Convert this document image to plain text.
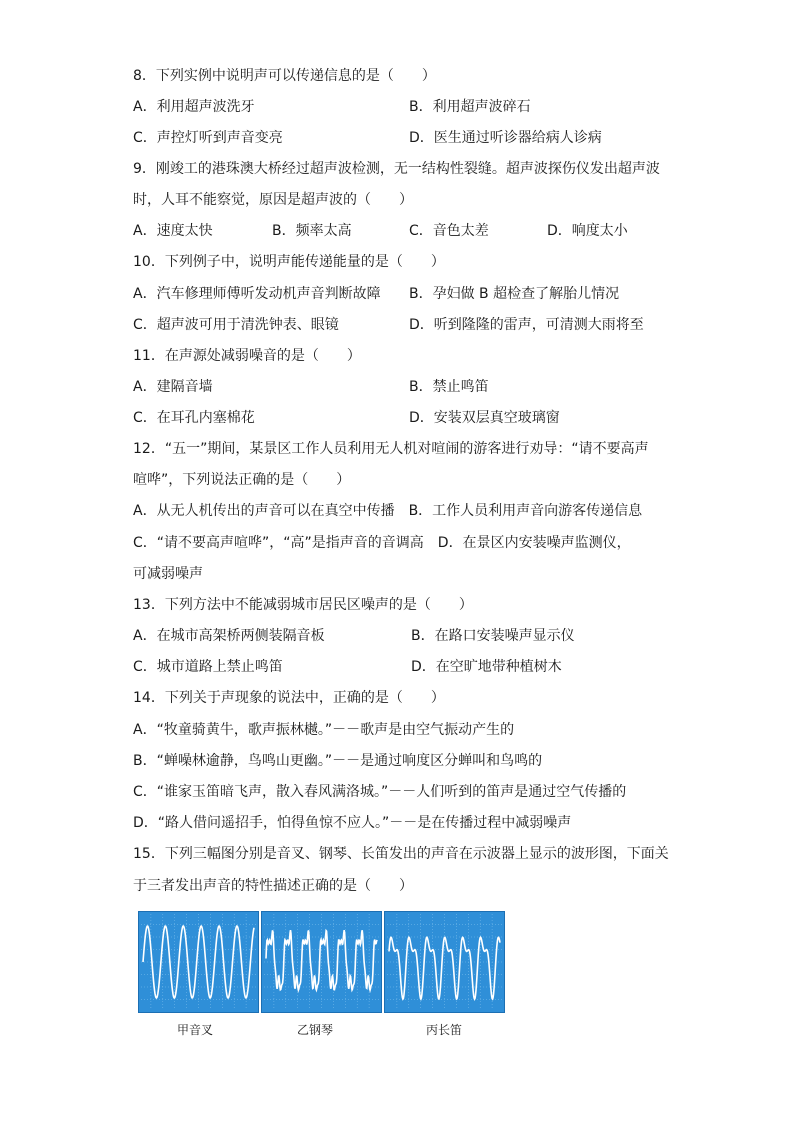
8．下列实例中说明声可以传递信息的是（　　）
A．利用超声波洗牙	B．利用超声波碎石
C．声控灯听到声音变亮	D．医生通过听诊器给病人诊病
9．刚竣工的港珠澳大桥经过超声波检测，无一结构性裂缝。超声波探伤仪发出超声波
时，人耳不能察觉，原因是超声波的（　　）
A．速度太快	B．频率太高	C．音色太差	D．响度太小
10．下列例子中，说明声能传递能量的是（　　）
A．汽车修理师傅听发动机声音判断故障 B．孕妇做 B 超检查了解胎儿情况
C．超声波可用于清洗钟表、眼镜	D．听到隆隆的雷声，可清测大雨将至
11．在声源处减弱噪音的是（　　）
A．建隔音墙	B．禁止鸣笛
C．在耳孔内塞棉花	D．安装双层真空玻璃窗
12．“五一”期间，某景区工作人员利用无人机对喧闹的游客进行劝导：“请不要高声
喧哗”，下列说法正确的是（　　）
A．从无人机传出的声音可以在真空中传播　B．工作人员利用声音向游客传递信息
C．“请不要高声喧哗”，“高”是指声音的音调高　D．在景区内安装噪声监测仪，
可减弱噪声
13．下列方法中不能减弱城市居民区噪声的是（　　）
A．在城市高架桥两侧装隔音板	B．在路口安装噪声显示仪
C．城市道路上禁止鸣笛	D．在空旷地带种植树木
14．下列关于声现象的说法中，正确的是（　　）
A．“牧童骑黄牛，歌声振林樾。”－－歌声是由空气振动产生的
B．“蝉噪林逾静，鸟鸣山更幽。”－－是通过响度区分蝉叫和鸟鸣的
C．“谁家玉笛暗飞声，散入春风满洛城。”－－人们听到的笛声是通过空气传播的
D．“路人借问遥招手，怕得鱼惊不应人。”－－是在传播过程中减弱噪声
15．下列三幅图分别是音叉、钢琴、长笛发出的声音在示波器上显示的波形图，下面关
于三者发出声音的特性描述正确的是（　　）
甲音叉	乙钢琴	丙长笛
